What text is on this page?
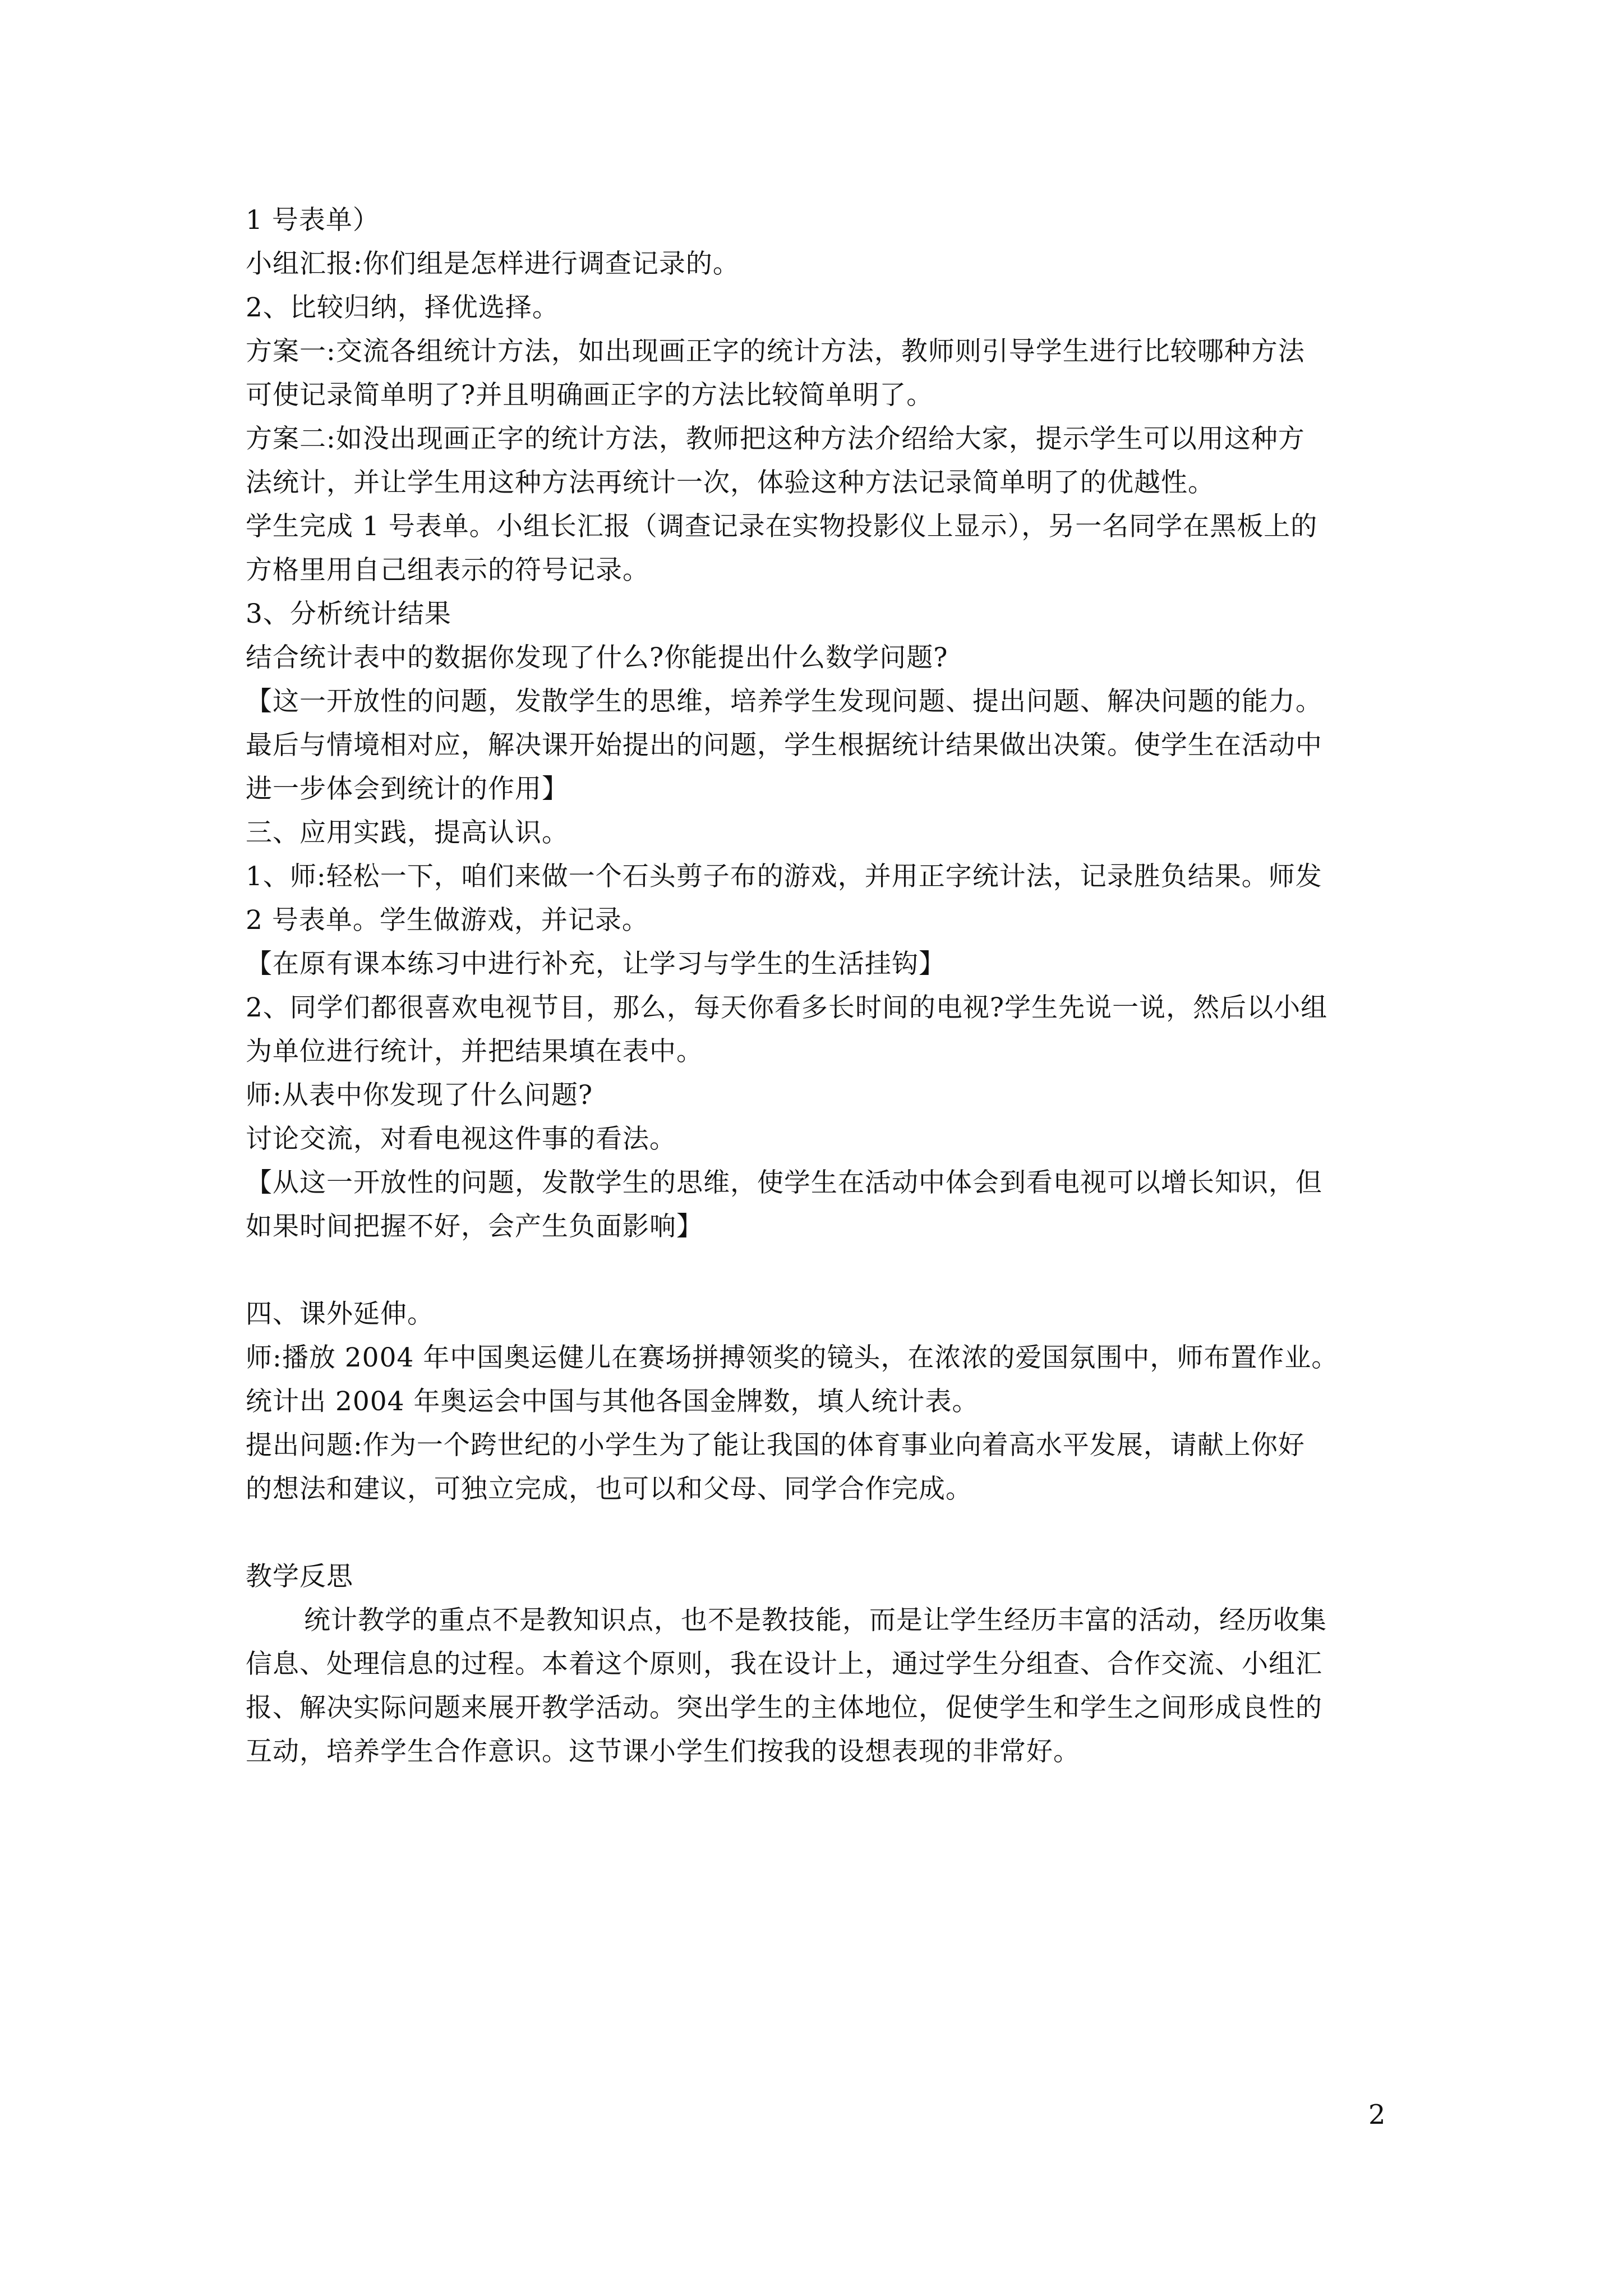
1 号表单）
小组汇报:你们组是怎样进行调查记录的。
2、比较归纳，择优选择。
方案一:交流各组统计方法，如出现画正字的统计方法，教师则引导学生进行比较哪种方法
可使记录简单明了?并且明确画正字的方法比较简单明了。
方案二:如没出现画正字的统计方法，教师把这种方法介绍给大家，提示学生可以用这种方
法统计，并让学生用这种方法再统计一次，体验这种方法记录简单明了的优越性。
学生完成 1 号表单。小组长汇报（调查记录在实物投影仪上显示），另一名同学在黑板上的
方格里用自己组表示的符号记录。
3、分析统计结果
结合统计表中的数据你发现了什么?你能提出什么数学问题?
【这一开放性的问题，发散学生的思维，培养学生发现问题、提出问题、解决问题的能力。
最后与情境相对应，解决课开始提出的问题，学生根据统计结果做出决策。使学生在活动中
进一步体会到统计的作用】
三、应用实践，提高认识。
1、师:轻松一下，咱们来做一个石头剪子布的游戏，并用正字统计法，记录胜负结果。师发
2 号表单。学生做游戏，并记录。
【在原有课本练习中进行补充，让学习与学生的生活挂钩】
2、同学们都很喜欢电视节目，那么，每天你看多长时间的电视?学生先说一说，然后以小组
为单位进行统计，并把结果填在表中。
师:从表中你发现了什么问题?
讨论交流，对看电视这件事的看法。
【从这一开放性的问题，发散学生的思维，使学生在活动中体会到看电视可以增长知识，但
如果时间把握不好，会产生负面影响】
四、课外延伸。
师:播放 2004 年中国奥运健儿在赛场拼搏领奖的镜头，在浓浓的爱国氛围中，师布置作业。
统计出 2004 年奥运会中国与其他各国金牌数，填人统计表。
提出问题:作为一个跨世纪的小学生为了能让我国的体育事业向着高水平发展，请献上你好
的想法和建议，可独立完成，也可以和父母、同学合作完成。
教学反思
统计教学的重点不是教知识点，也不是教技能，而是让学生经历丰富的活动，经历收集
信息、处理信息的过程。本着这个原则，我在设计上，通过学生分组查、合作交流、小组汇
报、解决实际问题来展开教学活动。突出学生的主体地位，促使学生和学生之间形成良性的
互动，培养学生合作意识。这节课小学生们按我的设想表现的非常好。
2
